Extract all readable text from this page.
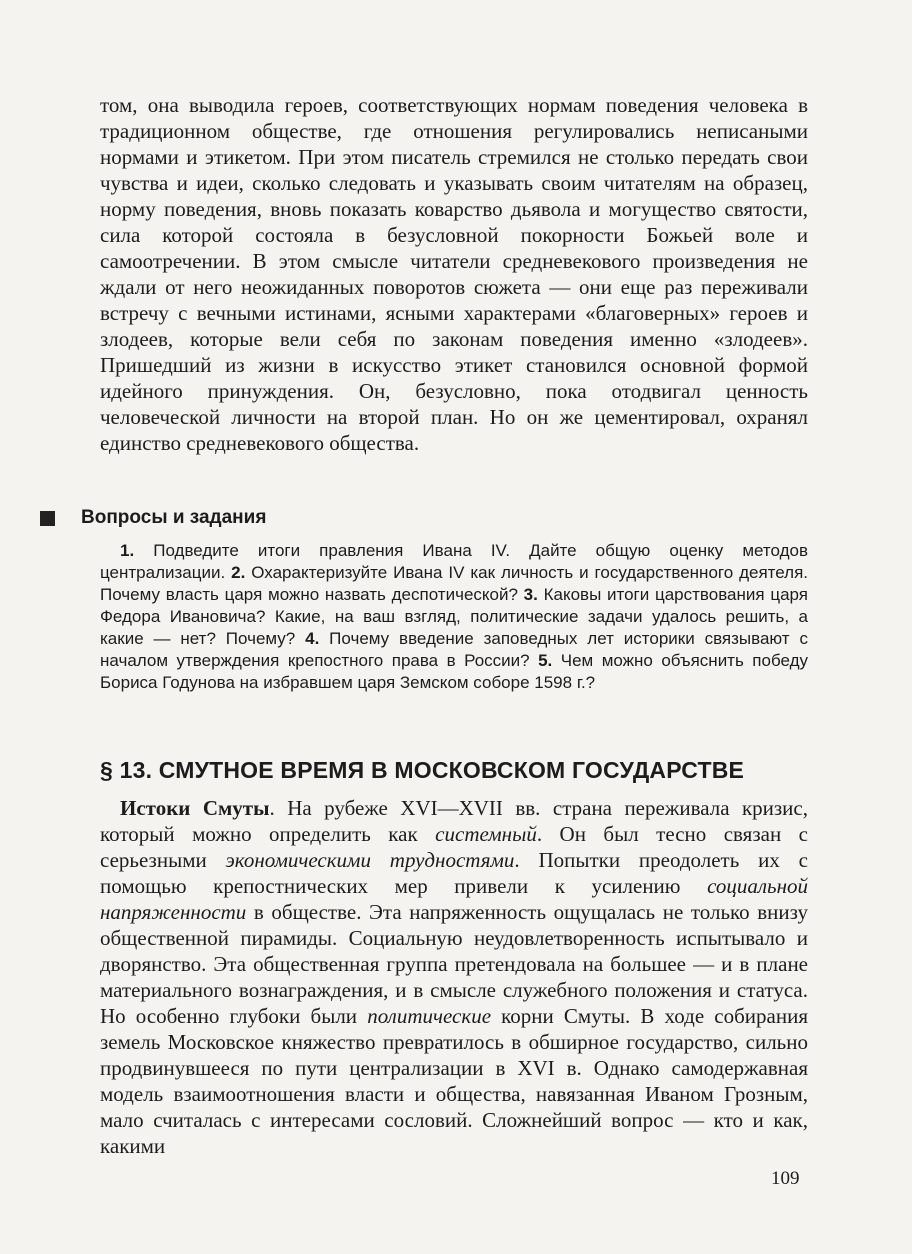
том, она выводила героев, соответствующих нормам поведения человека в традиционном обществе, где отношения регулировались неписаными нормами и этикетом. При этом писатель стремился не столько передать свои чувства и идеи, сколько следовать и указывать своим читателям на образец, норму поведения, вновь показать коварство дьявола и могущество святости, сила которой состояла в безусловной покорности Божьей воле и самоотречении. В этом смысле читатели средневекового произведения не ждали от него неожиданных поворотов сюжета — они еще раз переживали встречу с вечными истинами, ясными характерами «благоверных» героев и злодеев, которые вели себя по законам поведения именно «злодеев». Пришедший из жизни в искусство этикет становился основной формой идейного принуждения. Он, безусловно, пока отодвигал ценность человеческой личности на второй план. Но он же цементировал, охранял единство средневекового общества.

Вопросы и задания

1. Подведите итоги правления Ивана IV. Дайте общую оценку методов централизации. 2. Охарактеризуйте Ивана IV как личность и государственного деятеля. Почему власть царя можно назвать деспотической? 3. Каковы итоги царствования царя Федора Ивановича? Какие, на ваш взгляд, политические задачи удалось решить, а какие — нет? Почему? 4. Почему введение заповедных лет историки связывают с началом утверждения крепостного права в России? 5. Чем можно объяснить победу Бориса Годунова на избравшем царя Земском соборе 1598 г.?

§ 13. СМУТНОЕ ВРЕМЯ В МОСКОВСКОМ ГОСУДАРСТВЕ

Истоки Смуты. На рубеже XVI—XVII вв. страна переживала кризис, который можно определить как системный. Он был тесно связан с серьезными экономическими трудностями. Попытки преодолеть их с помощью крепостнических мер привели к усилению социальной напряженности в обществе. Эта напряженность ощущалась не только внизу общественной пирамиды. Социальную неудовлетворенность испытывало и дворянство. Эта общественная группа претендовала на большее — и в плане материального вознаграждения, и в смысле служебного положения и статуса. Но особенно глубоки были политические корни Смуты. В ходе собирания земель Московское княжество превратилось в обширное государство, сильно продвинувшееся по пути централизации в XVI в. Однако самодержавная модель взаимоотношения власти и общества, навязанная Иваном Грозным, мало считалась с интересами сословий. Сложнейший вопрос — кто и как, какими

109
